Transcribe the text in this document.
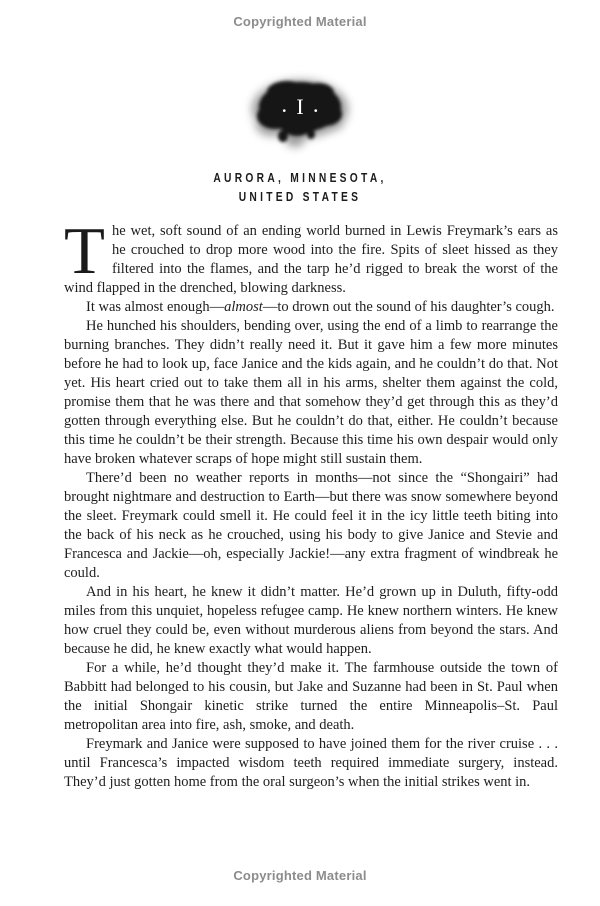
Copyrighted Material
. I .
AURORA, MINNESOTA,
UNITED STATES

The wet, soft sound of an ending world burned in Lewis Freymark’s ears as he crouched to drop more wood into the fire. Spits of sleet hissed as they filtered into the flames, and the tarp he’d rigged to break the worst of the wind flapped in the drenched, blowing darkness.

It was almost enough—almost—to drown out the sound of his daughter’s cough.

He hunched his shoulders, bending over, using the end of a limb to rearrange the burning branches. They didn’t really need it. But it gave him a few more minutes before he had to look up, face Janice and the kids again, and he couldn’t do that. Not yet. His heart cried out to take them all in his arms, shelter them against the cold, promise them that he was there and that somehow they’d get through this as they’d gotten through everything else. But he couldn’t do that, either. He couldn’t because this time he couldn’t be their strength. Because this time his own despair would only have broken whatever scraps of hope might still sustain them.

There’d been no weather reports in months—not since the “Shongairi” had brought nightmare and destruction to Earth—but there was snow somewhere beyond the sleet. Freymark could smell it. He could feel it in the icy little teeth biting into the back of his neck as he crouched, using his body to give Janice and Stevie and Francesca and Jackie—oh, especially Jackie!—any extra fragment of windbreak he could.

And in his heart, he knew it didn’t matter. He’d grown up in Duluth, fifty-odd miles from this unquiet, hopeless refugee camp. He knew northern winters. He knew how cruel they could be, even without murderous aliens from beyond the stars. And because he did, he knew exactly what would happen.

For a while, he’d thought they’d make it. The farmhouse outside the town of Babbitt had belonged to his cousin, but Jake and Suzanne had been in St. Paul when the initial Shongair kinetic strike turned the entire Minneapolis–St. Paul metropolitan area into fire, ash, smoke, and death.

Freymark and Janice were supposed to have joined them for the river cruise . . . until Francesca’s impacted wisdom teeth required immediate surgery, instead. They’d just gotten home from the oral surgeon’s when the initial strikes went in.

Copyrighted Material
